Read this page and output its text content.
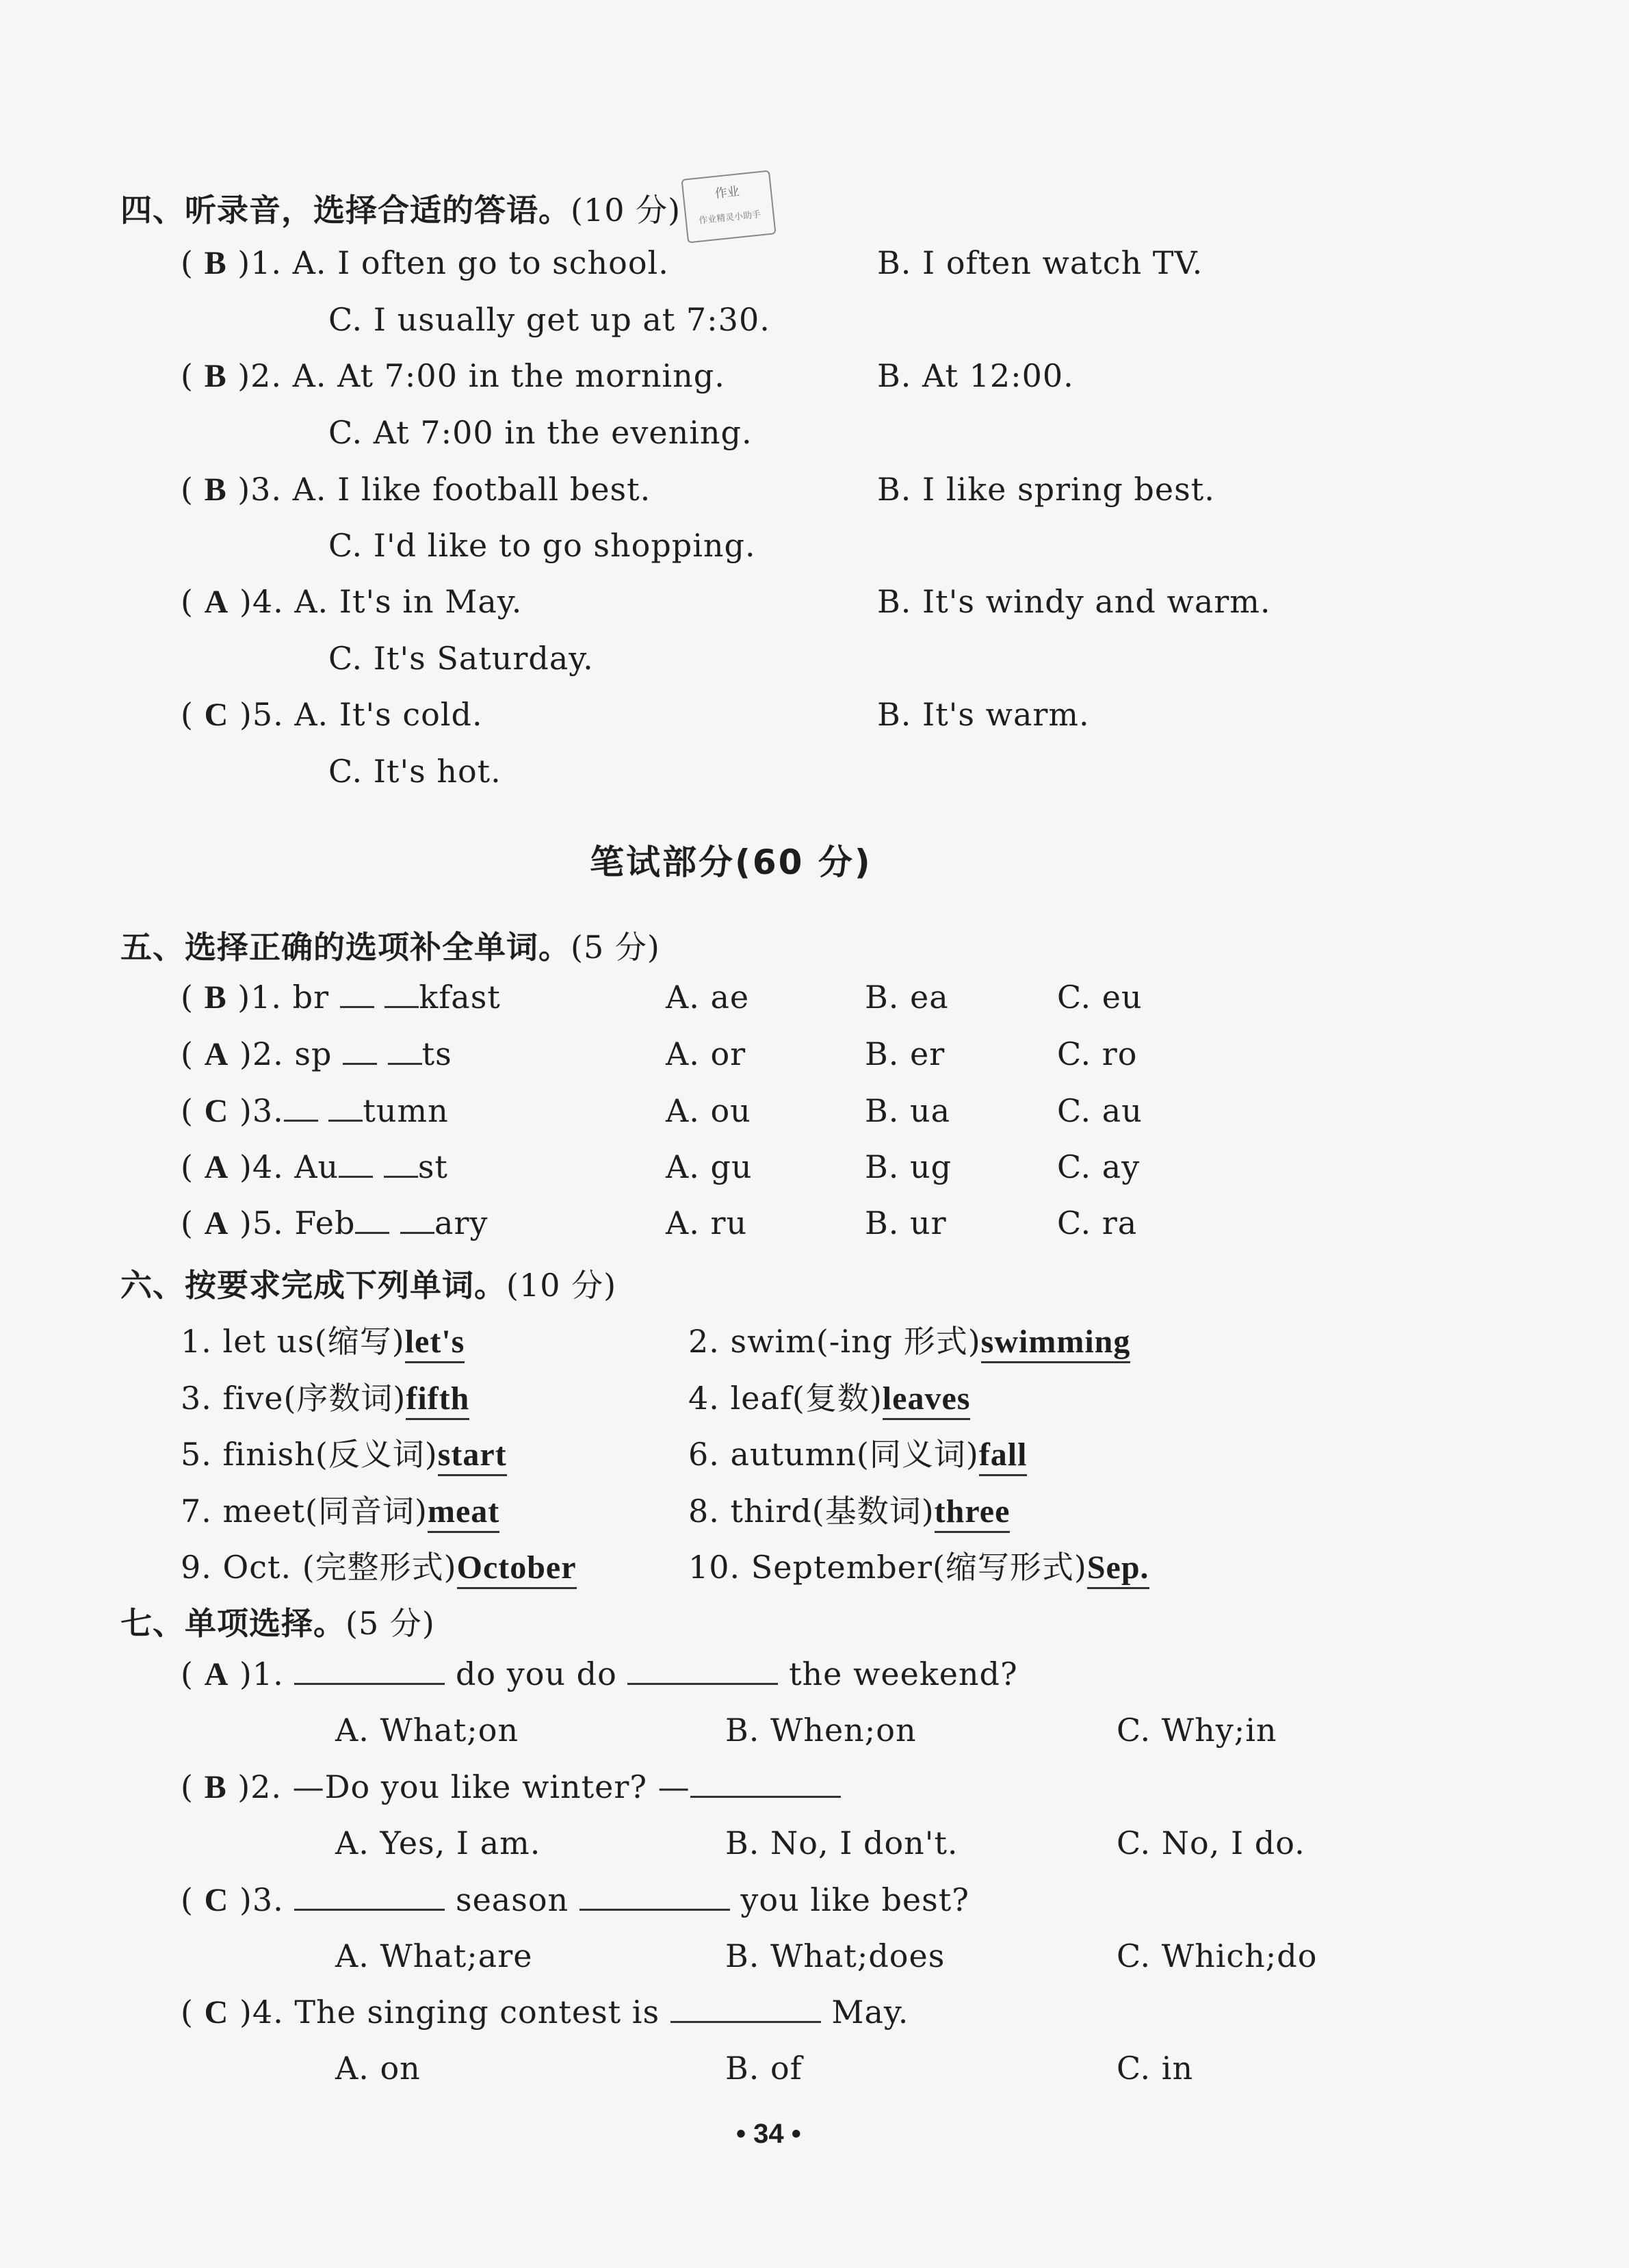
四、听录音，选择合适的答语。(10 分)	作业
作业精灵小助手
( B )1. A. I often go to school.	B. I often watch TV.
C. I usually get up at 7:30.
( B )2. A. At 7:00 in the morning.	B. At 12:00.
C. At 7:00 in the evening.
( B )3. A. I like football best.	B. I like spring best.
C. I'd like to go shopping.
( A )4. A. It's in May.	B. It's windy and warm.
C. It's Saturday.
( C )5. A. It's cold.	B. It's warm.
C. It's hot.
笔试部分(60 分)
五、选择正确的选项补全单词。(5 分)
( B )1. br	kfast	A. ae	B. ea	C. eu
( A )2. sp	ts	A. or	B. er	C. ro
( C )3.	tumn	A. ou	B. ua	C. au
( A )4. Au	st	A. gu	B. ug	C. ay
( A )5. Feb	ary	A. ru	B. ur	C. ra
六、按要求完成下列单词。(10 分)
1. let us(缩写)let's	2. swim(-ing 形式)swimming
3. five(序数词)fifth	4. leaf(复数)leaves
5. finish(反义词)start	6. autumn(同义词)fall
7. meet(同音词)meat	8. third(基数词)three
9. Oct. (完整形式)October	10. September(缩写形式)Sep.
七、单项选择。(5 分)
( A )1.	do you do	the weekend?
A. What;on	B. When;on	C. Why;in
( B )2. —Do you like winter? —
A. Yes, I am.	B. No, I don't.	C. No, I do.
( C )3.	season	you like best?
A. What;are	B. What;does	C. Which;do
( C )4. The singing contest is	May.
A. on	B. of	C. in
• 34 •
